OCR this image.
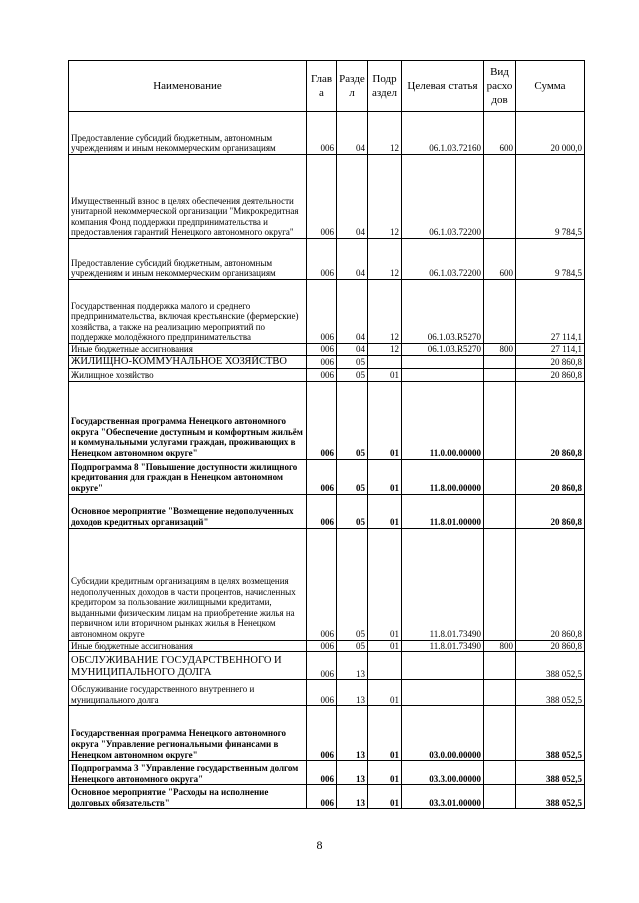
Наименование	Глав а	Разде л	Подр аздел	Целевая статья	Вид расхо дов	Сумма
Предоставление субсидий бюджетным, автономным учреждениям и иным некоммерческим организациям	006	04	12	06.1.03.72160	600	20 000,0
Имущественный взнос в целях обеспечения деятельности унитарной некоммерческой организации "Микрокредитная компания Фонд поддержки предпринимательства и предоставления гарантий Ненецкого автономного округа"	006	04	12	06.1.03.72200		9 784,5
Предоставление субсидий бюджетным, автономным учреждениям и иным некоммерческим организациям	006	04	12	06.1.03.72200	600	9 784,5
Государственная поддержка малого и среднего предпринимательства, включая крестьянские (фермерские) хозяйства, а также на реализацию мероприятий по поддержке молодёжного предпринимательства	006	04	12	06.1.03.R5270		27 114,1
Иные бюджетные ассигнования	006	04	12	06.1.03.R5270	800	27 114,1
ЖИЛИЩНО-КОММУНАЛЬНОЕ ХОЗЯЙСТВО	006	05				20 860,8
Жилищное хозяйство	006	05	01			20 860,8
Государственная программа Ненецкого автономного округа "Обеспечение доступным и комфортным жильём и коммунальными услугами граждан, проживающих в Ненецком автономном округе"	006	05	01	11.0.00.00000		20 860,8
Подпрограмма 8 "Повышение доступности жилищного кредитования для граждан в Ненецком автономном округе"	006	05	01	11.8.00.00000		20 860,8
Основное мероприятие "Возмещение недополученных доходов кредитных организаций"	006	05	01	11.8.01.00000		20 860,8
Субсидии кредитным организациям в целях возмещения недополученных доходов в части процентов, начисленных кредитором за пользование жилищными кредитами, выданными физическим лицам на приобретение жилья на первичном или вторичном рынках жилья в Ненецком автономном округе	006	05	01	11.8.01.73490		20 860,8
Иные бюджетные ассигнования	006	05	01	11.8.01.73490	800	20 860,8
ОБСЛУЖИВАНИЕ ГОСУДАРСТВЕННОГО И МУНИЦИПАЛЬНОГО ДОЛГА	006	13				388 052,5
Обслуживание государственного внутреннего и муниципального долга	006	13	01			388 052,5
Государственная программа Ненецкого автономного округа "Управление региональными финансами в Ненецком автономном округе"	006	13	01	03.0.00.00000		388 052,5
Подпрограмма 3 "Управление государственным долгом Ненецкого автономного округа"	006	13	01	03.3.00.00000		388 052,5
Основное мероприятие "Расходы на исполнение долговых обязательств"	006	13	01	03.3.01.00000		388 052,5
8
